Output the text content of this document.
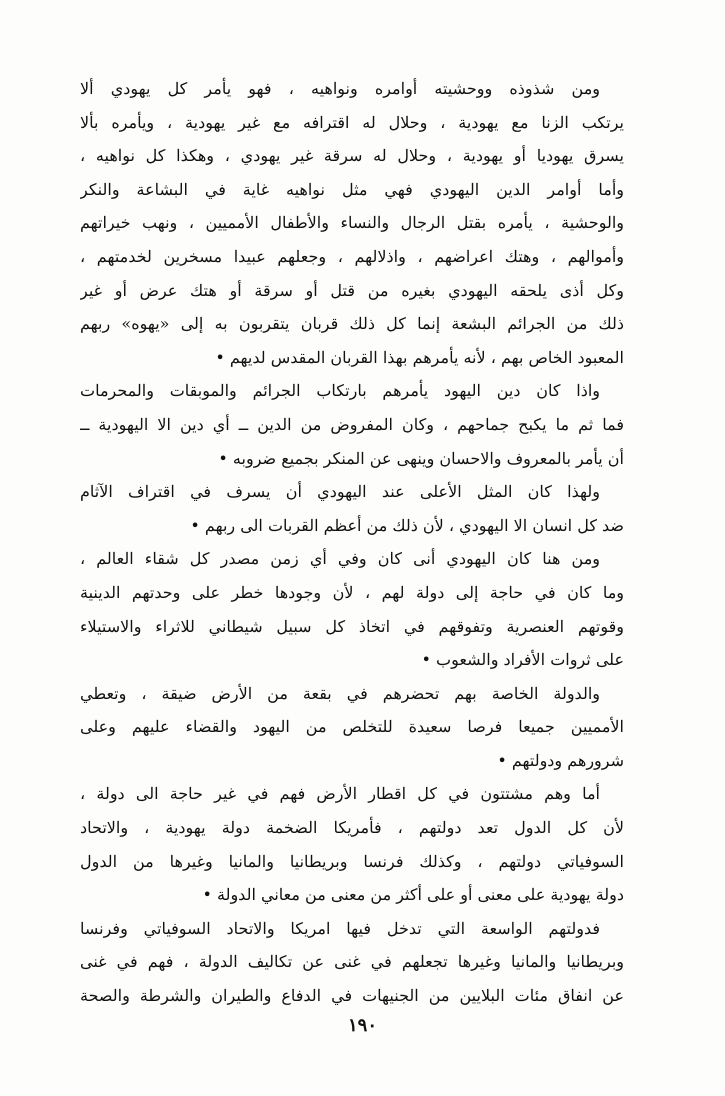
ومن شذوذه ووحشيته أوامره ونواهيه ، فهو يأمر كل يهودي ألا
يرتكب الزنا مع يهودية ، وحلال له اقترافه مع غير يهودية ، ويأمره بألا
يسرق يهوديا أو يهودية ، وحلال له سرقة غير يهودي ، وهكذا كل نواهيه ،
وأما أوامر الدين اليهودي فهي مثل نواهيه غاية في البشاعة والنكر
والوحشية ، يأمره بقتل الرجال والنساء والأطفال الأمميين ، ونهب خيراتهم
وأموالهم ، وهتك اعراضهم ، واذلالهم ، وجعلهم عبيدا مسخرين لخدمتهم ،
وكل أذى يلحقه اليهودي بغيره من قتل أو سرقة أو هتك عرض أو غير
ذلك من الجرائم البشعة إنما كل ذلك قربان يتقربون به إلى «يهوه» ربهم
المعبود الخاص بهم ، لأنه يأمرهم بهذا القربان المقدس لديهم •
واذا كان دين اليهود يأمرهم بارتكاب الجرائم والموبقات والمحرمات
فما ثم ما يكبح جماحهم ، وكان المفروض من الدين ــ أي دين الا اليهودية ــ
أن يأمر بالمعروف والاحسان وينهى عن المنكر بجميع ضروبه •
ولهذا كان المثل الأعلى عند اليهودي أن يسرف في اقتراف الآثام
ضد كل انسان الا اليهودي ، لأن ذلك من أعظم القربات الى ربهم •
ومن هنا كان اليهودي أنى كان وفي أي زمن مصدر كل شقاء العالم ،
وما كان في حاجة إلى دولة لهم ، لأن وجودها خطر على وحدتهم الدينية
وقوتهم العنصرية وتفوقهم في اتخاذ كل سبيل شيطاني للاثراء والاستيلاء
على ثروات الأفراد والشعوب •
والدولة الخاصة بهم تحضرهم في بقعة من الأرض ضيقة ، وتعطي
الأمميين جميعا فرصا سعيدة للتخلص من اليهود والقضاء عليهم وعلى
شرورهم ودولتهم •
أما وهم مشتتون في كل اقطار الأرض فهم في غير حاجة الى دولة ،
لأن كل الدول تعد دولتهم ، فأمريكا الضخمة دولة يهودية ، والاتحاد
السوفياتي دولتهم ، وكذلك فرنسا وبريطانيا والمانيا وغيرها من الدول
دولة يهودية على معنى أو على أكثر من معنى من معاني الدولة •
فدولتهم الواسعة التي تدخل فيها امريكا والاتحاد السوفياتي وفرنسا
وبريطانيا والمانيا وغيرها تجعلهم في غنى عن تكاليف الدولة ، فهم في غنى
عن انفاق مئات البلايين من الجنيهات في الدفاع والطيران والشرطة والصحة
١٩٠
